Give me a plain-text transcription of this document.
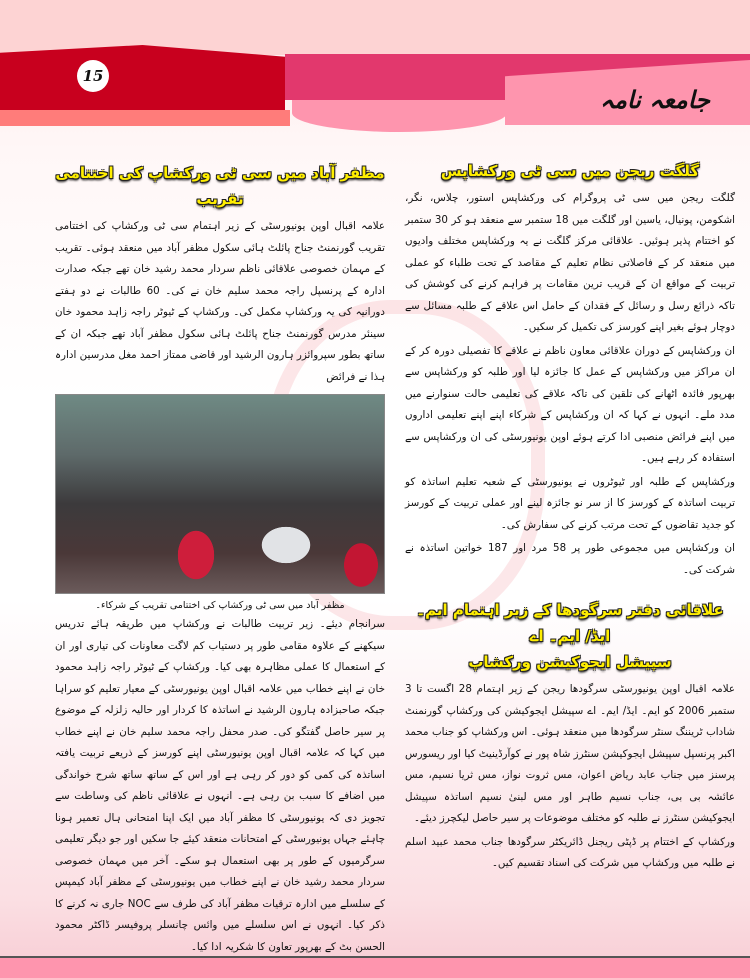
15
جامعہ نامہ
گلگت ریجن میں سی ٹی ورکشاپس

گلگت ریجن میں سی ٹی پروگرام کی ورکشاپس استور، چلاس، نگر، اشکومن، پونیال، یاسین اور گلگت میں 18 ستمبر سے منعقد ہو کر 30 ستمبر کو اختتام پذیر ہوئیں۔ علاقائی مرکز گلگت نے یہ ورکشاپس مختلف وادیوں میں منعقد کر کے فاصلاتی نظام تعلیم کے مقاصد کے تحت طلباء کو عملی تربیت کے مواقع ان کے قریب ترین مقامات پر فراہم کرنے کی کوشش کی تاکہ ذرائع رسل و رسائل کے فقدان کے حامل اس علاقے کے طلبہ مسائل سے دوچار ہوئے بغیر اپنے کورسز کی تکمیل کر سکیں۔

ان ورکشاپس کے دوران علاقائی معاون ناظم نے علاقے کا تفصیلی دورہ کر کے ان مراکز میں ورکشاپس کے عمل کا جائزہ لیا اور طلبہ کو ورکشاپس سے بھرپور فائدہ اٹھانے کی تلقین کی تاکہ علاقے کی تعلیمی حالت سنوارنے میں مدد ملے۔ انہوں نے کہا کہ ان ورکشاپس کے شرکاء اپنے اپنے تعلیمی اداروں میں اپنے فرائض منصبی ادا کرتے ہوئے اوپن یونیورسٹی کی ان ورکشاپس سے استفادہ کر رہے ہیں۔

ورکشاپس کے طلبہ اور ٹیوٹروں نے یونیورسٹی کے شعبہ تعلیم اساتذہ کو تربیت اساتذہ کے کورسز کا از سر نو جائزہ لینے اور عملی تربیت کے کورسز کو جدید تقاضوں کے تحت مرتب کرنے کی سفارش کی۔

ان ورکشاپس میں مجموعی طور پر 58 مرد اور 187 خواتین اساتذہ نے شرکت کی۔

علاقائی دفتر سرگودھا کے زیر اہتمام ایم۔ ایڈ/ ایم۔ اے
سپیشل ایجوکیشن ورکشاپ

علامہ اقبال اوپن یونیورسٹی سرگودھا ریجن کے زیر اہتمام 28 اگست تا 3 ستمبر 2006 کو ایم۔ ایڈ/ ایم۔ اے سپیشل ایجوکیشن کی ورکشاپ گورنمنٹ شاداب ٹریننگ سنٹر سرگودھا میں منعقد ہوئی۔ اس ورکشاپ کو جناب محمد اکبر پرنسپل سپیشل ایجوکیشن سنٹرز شاہ پور نے کوآرڈینیٹ کیا اور ریسورس پرسنز میں جناب عابد ریاض اعوان، مس ثروت نواز، مس ثریا نسیم، مس عائشہ بی بی، جناب نسیم طاہر اور مس لبنیٰ نسیم اساتذہ سپیشل ایجوکیشن سنٹرز نے طلبہ کو مختلف موضوعات پر سیر حاصل لیکچرز دیئے۔

ورکشاپ کے اختتام پر ڈپٹی ریجنل ڈائریکٹر سرگودھا جناب محمد عبید اسلم نے طلبہ میں ورکشاپ میں شرکت کی اسناد تقسیم کیں۔

مظفر آباد میں سی ٹی ورکشاپ کی اختتامی تقریب

علامہ اقبال اوپن یونیورسٹی کے زیر اہتمام سی ٹی ورکشاپ کی اختتامی تقریب گورنمنٹ جناح پائلٹ ہائی سکول مظفر آباد میں منعقد ہوئی۔ تقریب کے مہمان خصوصی علاقائی ناظم سردار محمد رشید خان تھے جبکہ صدارت ادارہ کے پرنسپل راجہ محمد سلیم خان نے کی۔ 60 طالبات نے دو ہفتے دورانیہ کی یہ ورکشاپ مکمل کی۔ ورکشاپ کے ٹیوٹر راجہ زاہد محمود خان سینئر مدرس گورنمنٹ جناح پائلٹ ہائی سکول مظفر آباد تھے جبکہ ان کے ساتھ بطور سپروائزر ہارون الرشید اور قاضی ممتاز احمد مغل مدرسین ادارہ ہذا نے فرائض

مظفر آباد میں سی ٹی ورکشاپ کی اختتامی تقریب کے شرکاء۔

سرانجام دیئے۔ زیر تربیت طالبات نے ورکشاپ میں طریقہ ہائے تدریس سیکھنے کے علاوہ مقامی طور پر دستیاب کم لاگت معاونات کی تیاری اور ان کے استعمال کا عملی مظاہرہ بھی کیا۔ ورکشاپ کے ٹیوٹر راجہ زاہد محمود خان نے اپنے خطاب میں علامہ اقبال اوپن یونیورسٹی کے معیار تعلیم کو سراہا جبکہ صاحبزادہ ہارون الرشید نے اساتذہ کا کردار اور حالیہ زلزلہ کے موضوع پر سیر حاصل گفتگو کی۔ صدر محفل راجہ محمد سلیم خان نے اپنے خطاب میں کہا کہ علامہ اقبال اوپن یونیورسٹی اپنے کورسز کے ذریعے تربیت یافتہ اساتذہ کی کمی کو دور کر رہی ہے اور اس کے ساتھ ساتھ شرح خواندگی میں اضافے کا سبب بن رہی ہے۔ انہوں نے علاقائی ناظم کی وساطت سے تجویز دی کہ یونیورسٹی کا مظفر آباد میں ایک اپنا امتحانی ہال تعمیر ہونا چاہئے جہاں یونیورسٹی کے امتحانات منعقد کیئے جا سکیں اور جو دیگر تعلیمی سرگرمیوں کے طور پر بھی استعمال ہو سکے۔ آخر میں مہمان خصوصی سردار محمد رشید خان نے اپنے خطاب میں یونیورسٹی کے مظفر آباد کیمپس کے سلسلے میں ادارہ ترقیات مظفر آباد کی طرف سے NOC جاری نہ کرنے کا ذکر کیا۔ انہوں نے اس سلسلے میں وائس چانسلر پروفیسر ڈاکٹر محمود الحسن بٹ کے بھرپور تعاون کا شکریہ ادا کیا۔
